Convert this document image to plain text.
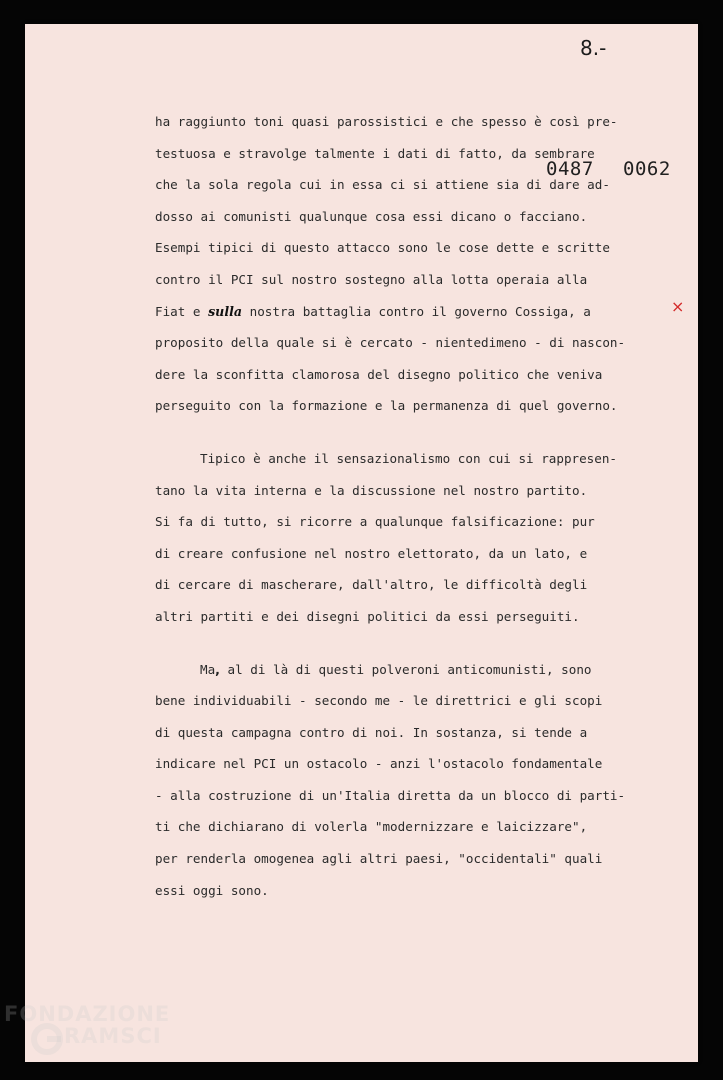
8.-
0487 0062
×
ha raggiunto toni quasi parossistici e che spesso è così pre-
testuosa e stravolge talmente i dati di fatto, da sembrare
che la sola regola cui in essa ci si attiene sia di dare ad-
dosso ai comunisti qualunque cosa essi dicano o facciano.
Esempi tipici di questo attacco sono le cose dette e scritte
contro il PCI sul nostro sostegno alla lotta operaia alla
Fiat e sulla nostra battaglia contro il governo Cossiga, a
proposito della quale si è cercato - nientedimeno - di nascon-
dere la sconfitta clamorosa del disegno politico che veniva
perseguito con la formazione e la permanenza di quel governo.
Tipico è anche il sensazionalismo con cui si rappresen-
tano la vita interna e la discussione nel nostro partito.
Si fa di tutto, si ricorre a qualunque falsificazione: pur
di creare confusione nel nostro elettorato, da un lato, e
di cercare di mascherare, dall'altro, le difficoltà degli
altri partiti e dei disegni politici da essi perseguiti.
Ma, al di là di questi polveroni anticomunisti, sono
bene individuabili - secondo me - le direttrici e gli scopi
di questa campagna contro di noi. In sostanza, si tende a
indicare nel PCI un ostacolo - anzi l'ostacolo fondamentale
- alla costruzione di un'Italia diretta da un blocco di parti-
ti che dichiarano di volerla "modernizzare e laicizzare",
per renderla omogenea agli altri paesi, "occidentali" quali
essi oggi sono.
FONDAZIONE
RAMSCI
